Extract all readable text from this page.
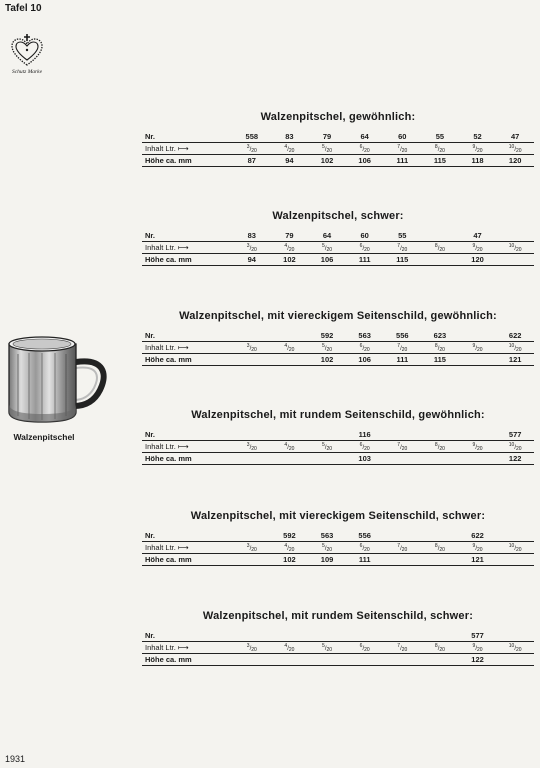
Tafel 10
Schutz Marke
Walzenpitschel
Walzenpitschel, gewöhnlich:
Nr.	558	83	79	64	60	55	52	47
Inhalt Ltr. ⟼	$^3/_{20}$	$^4/_{20}$	$^5/_{20}$	$^6/_{20}$	$^7/_{20}$	$^8/_{20}$	$^9/_{20}$	$^{10}/_{20}$
Höhe ca. mm	87	94	102	106	111	115	118	120
Walzenpitschel, schwer:
Nr.	83	79	64	60	55		47	
Inhalt Ltr. ⟼	$^3/_{20}$	$^4/_{20}$	$^5/_{20}$	$^6/_{20}$	$^7/_{20}$	$^8/_{20}$	$^9/_{20}$	$^{10}/_{20}$
Höhe ca. mm	94	102	106	111	115		120	
Walzenpitschel, mit viereckigem Seitenschild, gewöhnlich:
Nr.			592	563	556	623		622
Inhalt Ltr. ⟼	$^3/_{20}$	$^4/_{20}$	$^5/_{20}$	$^6/_{20}$	$^7/_{20}$	$^8/_{20}$	$^9/_{20}$	$^{10}/_{20}$
Höhe ca. mm			102	106	111	115		121
Walzenpitschel, mit rundem Seitenschild, gewöhnlich:
Nr.				116				577
Inhalt Ltr. ⟼	$^3/_{20}$	$^4/_{20}$	$^5/_{20}$	$^6/_{20}$	$^7/_{20}$	$^8/_{20}$	$^9/_{20}$	$^{10}/_{20}$
Höhe ca. mm				103				122
Walzenpitschel, mit viereckigem Seitenschild, schwer:
Nr.		592	563	556			622	
Inhalt Ltr. ⟼	$^3/_{20}$	$^4/_{20}$	$^5/_{20}$	$^6/_{20}$	$^7/_{20}$	$^8/_{20}$	$^9/_{20}$	$^{10}/_{20}$
Höhe ca. mm		102	109	111			121	
Walzenpitschel, mit rundem Seitenschild, schwer:
Nr.							577	
Inhalt Ltr. ⟼	$^3/_{20}$	$^4/_{20}$	$^5/_{20}$	$^6/_{20}$	$^7/_{20}$	$^8/_{20}$	$^9/_{20}$	$^{10}/_{20}$
Höhe ca. mm							122	
1931
